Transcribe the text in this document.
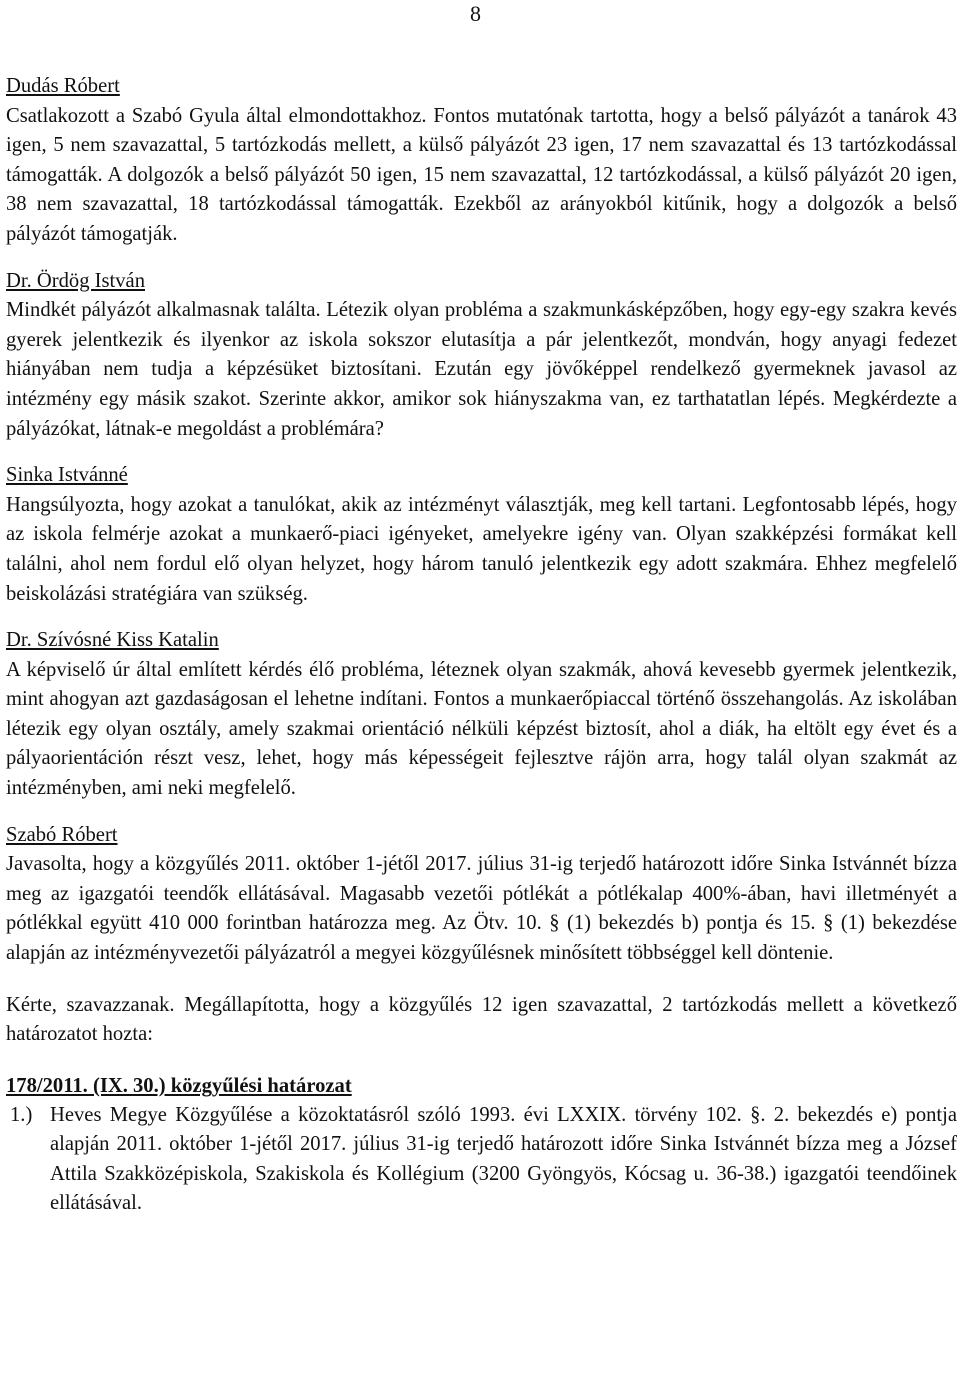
8

Dudás Róbert

Csatlakozott a Szabó Gyula által elmondottakhoz. Fontos mutatónak tartotta, hogy a belső pályázót a tanárok 43 igen, 5 nem szavazattal, 5 tartózkodás mellett, a külső pályázót 23 igen, 17 nem szavazattal és 13 tartózkodással támogatták. A dolgozók a belső pályázót 50 igen, 15 nem szavazattal, 12 tartózkodással, a külső pályázót 20 igen, 38 nem szavazattal, 18 tartózkodással támogatták. Ezekből az arányokból kitűnik, hogy a dolgozók a belső pályázót támogatják.

Dr. Ördög István

Mindkét pályázót alkalmasnak találta. Létezik olyan probléma a szakmunkásképzőben, hogy egy-egy szakra kevés gyerek jelentkezik és ilyenkor az iskola sokszor elutasítja a pár jelentkezőt, mondván, hogy anyagi fedezet hiányában nem tudja a képzésüket biztosítani. Ezután egy jövőképpel rendelkező gyermeknek javasol az intézmény egy másik szakot. Szerinte akkor, amikor sok hiányszakma van, ez tarthatatlan lépés. Megkérdezte a pályázókat, látnak-e megoldást a problémára?

Sinka Istvánné

Hangsúlyozta, hogy azokat a tanulókat, akik az intézményt választják, meg kell tartani. Legfontosabb lépés, hogy az iskola felmérje azokat a munkaerő-piaci igényeket, amelyekre igény van. Olyan szakképzési formákat kell találni, ahol nem fordul elő olyan helyzet, hogy három tanuló jelentkezik egy adott szakmára. Ehhez megfelelő beiskolázási stratégiára van szükség.

Dr. Szívósné Kiss Katalin

A képviselő úr által említett kérdés élő probléma, léteznek olyan szakmák, ahová kevesebb gyermek jelentkezik, mint ahogyan azt gazdaságosan el lehetne indítani. Fontos a munkaerőpiaccal történő összehangolás. Az iskolában létezik egy olyan osztály, amely szakmai orientáció nélküli képzést biztosít, ahol a diák, ha eltölt egy évet és a pályaorientáción részt vesz, lehet, hogy más képességeit fejlesztve rájön arra, hogy talál olyan szakmát az intézményben, ami neki megfelelő.

Szabó Róbert

Javasolta, hogy a közgyűlés 2011. október 1-jétől 2017. július 31-ig terjedő határozott időre Sinka Istvánnét bízza meg az igazgatói teendők ellátásával. Magasabb vezetői pótlékát a pótlékalap 400%-ában, havi illetményét a pótlékkal együtt 410 000 forintban határozza meg. Az Ötv. 10. § (1) bekezdés b) pontja és 15. § (1) bekezdése alapján az intézményvezetői pályázatról a megyei közgyűlésnek minősített többséggel kell döntenie.

Kérte, szavazzanak. Megállapította, hogy a közgyűlés 12 igen szavazattal, 2 tartózkodás mellett a következő határozatot hozta:

178/2011. (IX. 30.) közgyűlési határozat

1.) Heves Megye Közgyűlése a közoktatásról szóló 1993. évi LXXIX. törvény 102. §. 2. bekezdés e) pontja alapján 2011. október 1-jétől 2017. július 31-ig terjedő határozott időre Sinka Istvánnét bízza meg a József Attila Szakközépiskola, Szakiskola és Kollégium (3200 Gyöngyös, Kócsag u. 36-38.) igazgatói teendőinek ellátásával.
